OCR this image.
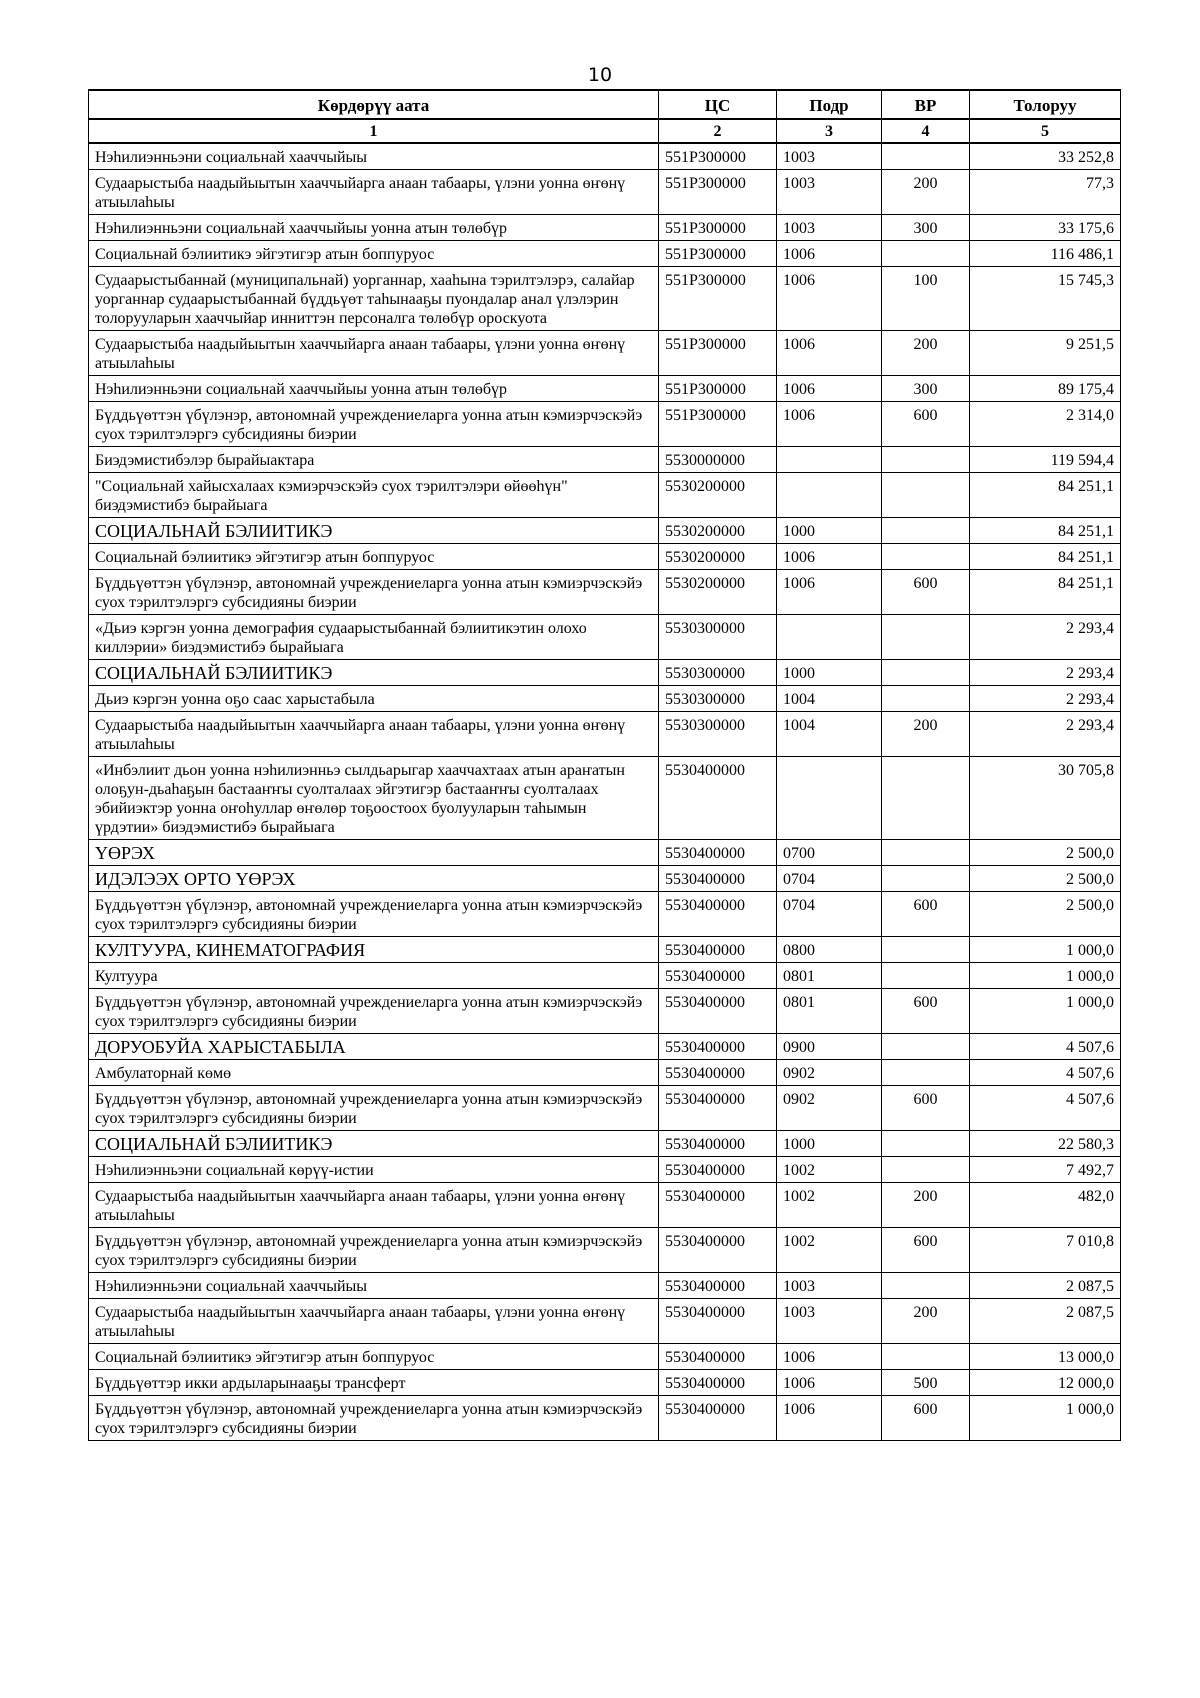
10
Көрдөрүү аата	ЦС	Подр	ВР	Толоруу
1	2	3	4	5
Нэһилиэнньэни социальнай хааччыйыы	551P300000	1003		33 252,8
Судаарыстыба наадыйыытын хааччыйарга анаан табаары, үлэни уонна өҥөнү атыылаһыы	551P300000	1003	200	77,3
Нэһилиэнньэни социальнай хааччыйыы уонна атын төлөбүр	551P300000	1003	300	33 175,6
Социальнай бэлиитикэ эйгэтигэр атын боппуруос	551P300000	1006		116 486,1
Судаарыстыбаннай (муниципальнай) уорганнар, хааһына тэрилтэлэрэ, салайар уорганнар судаарыстыбаннай бүддьүөт таһынааҕы пуондалар анал үлэлэрин толорууларын хааччыйар инниттэн персоналга төлөбүр ороскуота	551P300000	1006	100	15 745,3
Судаарыстыба наадыйыытын хааччыйарга анаан табаары, үлэни уонна өҥөнү атыылаһыы	551P300000	1006	200	9 251,5
Нэһилиэнньэни социальнай хааччыйыы уонна атын төлөбүр	551P300000	1006	300	89 175,4
Бүддьүөттэн үбүлэнэр, автономнай учреждениеларга уонна атын кэмиэрчэскэйэ суох тэрилтэлэргэ субсидияны биэрии	551P300000	1006	600	2 314,0
Биэдэмистибэлэр бырайыактара	5530000000			119 594,4
"Социальнай хайысхалаах кэмиэрчэскэйэ суох тэрилтэлэри өйөөһүн" биэдэмистибэ бырайыага	5530200000			84 251,1
СОЦИАЛЬНАЙ БЭЛИИТИКЭ	5530200000	1000		84 251,1
Социальнай бэлиитикэ эйгэтигэр атын боппуруос	5530200000	1006		84 251,1
Бүддьүөттэн үбүлэнэр, автономнай учреждениеларга уонна атын кэмиэрчэскэйэ суох тэрилтэлэргэ субсидияны биэрии	5530200000	1006	600	84 251,1
«Дьиэ кэргэн уонна демография судаарыстыбаннай бэлиитикэтин олохо киллэрии» биэдэмистибэ бырайыага	5530300000			2 293,4
СОЦИАЛЬНАЙ БЭЛИИТИКЭ	5530300000	1000		2 293,4
Дьиэ кэргэн уонна оҕо саас харыстабыла	5530300000	1004		2 293,4
Судаарыстыба наадыйыытын хааччыйарга анаан табаары, үлэни уонна өҥөнү атыылаһыы	5530300000	1004	200	2 293,4
«Инбэлиит дьон уонна нэһилиэнньэ сылдьарыгар хааччахтаах атын араҥатын олоҕун-дьаһаҕын бастааҥҥы суолталаах эйгэтигэр бастааҥҥы суолталаах эбийиэктэр уонна оҥоһуллар өҥөлөр тоҕоостоох буолууларын таһымын үрдэтии» биэдэмистибэ бырайыага	5530400000			30 705,8
ҮӨРЭХ	5530400000	0700		2 500,0
ИДЭЛЭЭХ ОРТО ҮӨРЭХ	5530400000	0704		2 500,0
Бүддьүөттэн үбүлэнэр, автономнай учреждениеларга уонна атын кэмиэрчэскэйэ суох тэрилтэлэргэ субсидияны биэрии	5530400000	0704	600	2 500,0
КУЛТУУРА, КИНЕМАТОГРАФИЯ	5530400000	0800		1 000,0
Култуура	5530400000	0801		1 000,0
Бүддьүөттэн үбүлэнэр, автономнай учреждениеларга уонна атын кэмиэрчэскэйэ суох тэрилтэлэргэ субсидияны биэрии	5530400000	0801	600	1 000,0
ДОРУОБУЙА ХАРЫСТАБЫЛА	5530400000	0900		4 507,6
Амбулаторнай көмө	5530400000	0902		4 507,6
Бүддьүөттэн үбүлэнэр, автономнай учреждениеларга уонна атын кэмиэрчэскэйэ суох тэрилтэлэргэ субсидияны биэрии	5530400000	0902	600	4 507,6
СОЦИАЛЬНАЙ БЭЛИИТИКЭ	5530400000	1000		22 580,3
Нэһилиэнньэни социальнай көрүү-истии	5530400000	1002		7 492,7
Судаарыстыба наадыйыытын хааччыйарга анаан табаары, үлэни уонна өҥөнү атыылаһыы	5530400000	1002	200	482,0
Бүддьүөттэн үбүлэнэр, автономнай учреждениеларга уонна атын кэмиэрчэскэйэ суох тэрилтэлэргэ субсидияны биэрии	5530400000	1002	600	7 010,8
Нэһилиэнньэни социальнай хааччыйыы	5530400000	1003		2 087,5
Судаарыстыба наадыйыытын хааччыйарга анаан табаары, үлэни уонна өҥөнү атыылаһыы	5530400000	1003	200	2 087,5
Социальнай бэлиитикэ эйгэтигэр атын боппуруос	5530400000	1006		13 000,0
Бүддьүөттэр икки ардыларынааҕы трансферт	5530400000	1006	500	12 000,0
Бүддьүөттэн үбүлэнэр, автономнай учреждениеларга уонна атын кэмиэрчэскэйэ суох тэрилтэлэргэ субсидияны биэрии	5530400000	1006	600	1 000,0
